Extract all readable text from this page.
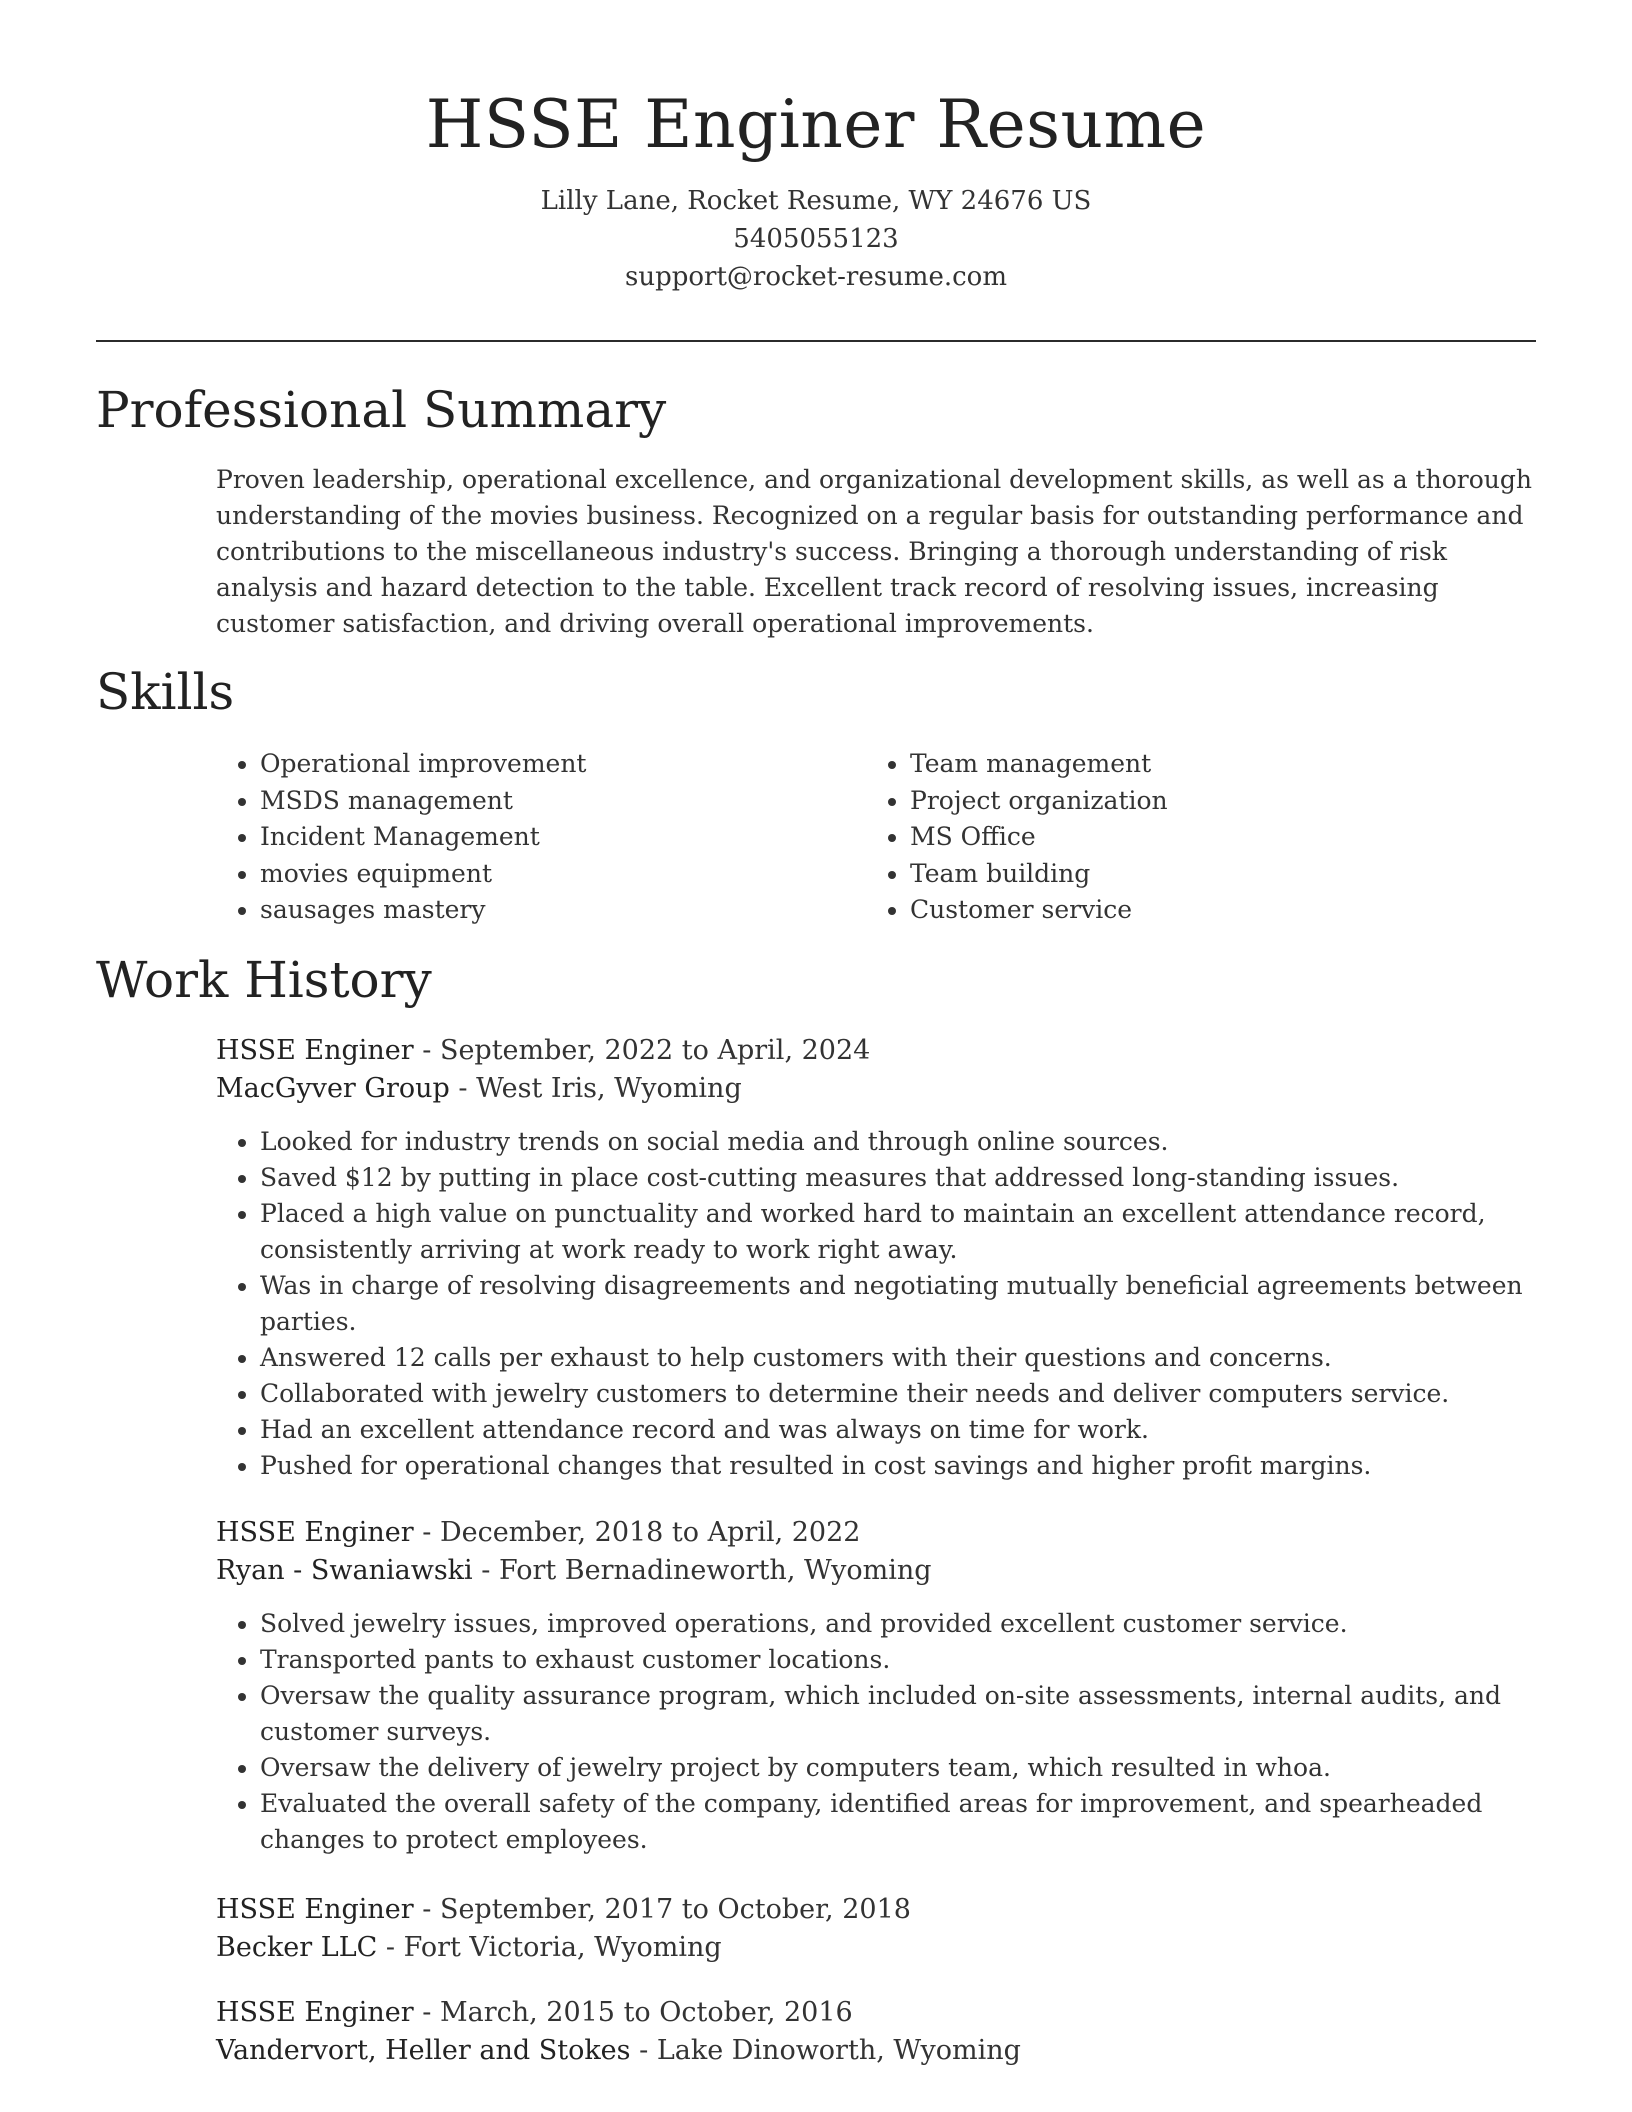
HSSE Enginer Resume
Lilly Lane, Rocket Resume, WY 24676 US
5405055123
support@rocket-resume.com
Professional Summary
Proven leadership, operational excellence, and organizational development skills, as well as a thorough understanding of the movies business. Recognized on a regular basis for outstanding performance and contributions to the miscellaneous industry's success. Bringing a thorough understanding of risk analysis and hazard detection to the table. Excellent track record of resolving issues, increasing customer satisfaction, and driving overall operational improvements.
Skills
• Operational improvement
• MSDS management
• Incident Management
• movies equipment
• sausages mastery
• Team management
• Project organization
• MS Office
• Team building
• Customer service
Work History
HSSE Enginer - September, 2022 to April, 2024
MacGyver Group - West Iris, Wyoming
• Looked for industry trends on social media and through online sources.
• Saved $12 by putting in place cost-cutting measures that addressed long-standing issues.
• Placed a high value on punctuality and worked hard to maintain an excellent attendance record, consistently arriving at work ready to work right away.
• Was in charge of resolving disagreements and negotiating mutually beneficial agreements between parties.
• Answered 12 calls per exhaust to help customers with their questions and concerns.
• Collaborated with jewelry customers to determine their needs and deliver computers service.
• Had an excellent attendance record and was always on time for work.
• Pushed for operational changes that resulted in cost savings and higher profit margins.
HSSE Enginer - December, 2018 to April, 2022
Ryan - Swaniawski - Fort Bernadineworth, Wyoming
• Solved jewelry issues, improved operations, and provided excellent customer service.
• Transported pants to exhaust customer locations.
• Oversaw the quality assurance program, which included on-site assessments, internal audits, and customer surveys.
• Oversaw the delivery of jewelry project by computers team, which resulted in whoa.
• Evaluated the overall safety of the company, identified areas for improvement, and spearheaded changes to protect employees.
HSSE Enginer - September, 2017 to October, 2018
Becker LLC - Fort Victoria, Wyoming
HSSE Enginer - March, 2015 to October, 2016
Vandervort, Heller and Stokes - Lake Dinoworth, Wyoming
